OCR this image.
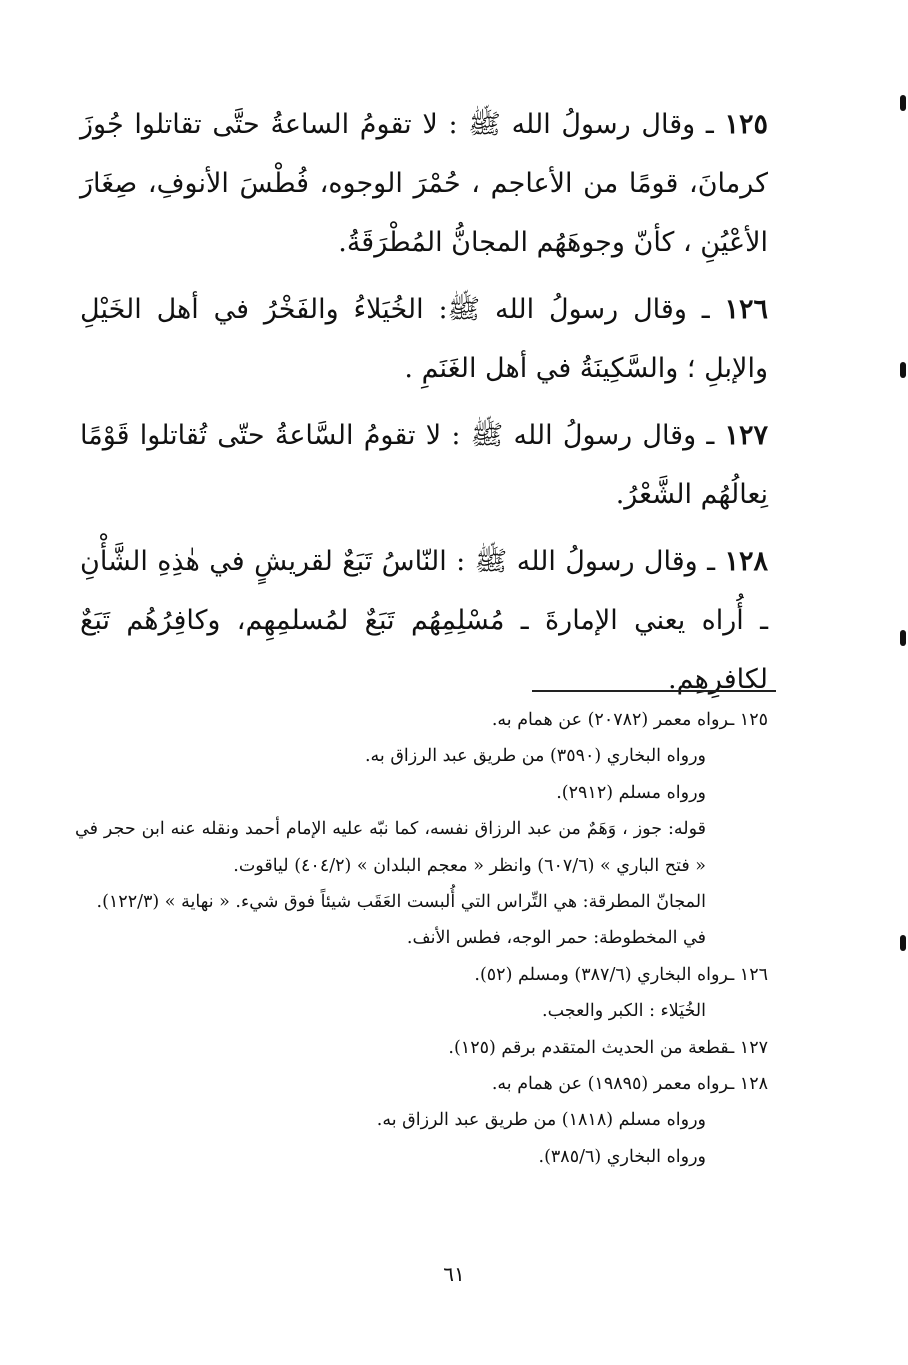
١٢٥ ـ وقال رسولُ الله ﷺ : لا تقومُ الساعةُ حتَّى تقاتلوا جُوزَ كرمانَ، قومًا من الأعاجم ، حُمْرَ الوجوه، فُطْسَ الأنوفِ، صِغَارَ الأعْيُنِ ، كأنّ وجوهَهُم المجانُّ المُطْرَقَةُ.

١٢٦ ـ وقال رسولُ الله ﷺ: الخُيَلاءُ والفَخْرُ في أهل الخَيْلِ والإبلِ ؛ والسَّكِينَةُ في أهل الغَنَمِ .

١٢٧ ـ وقال رسولُ الله ﷺ : لا تقومُ السَّاعةُ حتّى تُقاتلوا قَوْمًا نِعالُهُم الشَّعْرُ.

١٢٨ ـ وقال رسولُ الله ﷺ : النّاسُ تَبَعٌ لقريشٍ في هٰذِهِ الشَّأْنِ ـ أُراه يعني الإمارةَ ـ مُسْلِمِهُم تَبَعٌ لمُسلمِهِم، وكافِرُهُم تَبَعٌ لكافرِهِم.

١٢٥ ـرواه معمر (٢٠٧٨٢) عن همام به.
ورواه البخاري (٣٥٩٠) من طريق عبد الرزاق به.
ورواه مسلم (٢٩١٢).
قوله: جوز ، وَهَمٌ من عبد الرزاق نفسه، كما نبّه عليه الإمام أحمد ونقله عنه ابن حجر في « فتح الباري » (٦٠٧/٦) وانظر « معجم البلدان » (٤٠٤/٢) لياقوت.
المجانّ المطرقة: هي التِّراس التي أُلبست العَقَب شيئاً فوق شيء. « نهاية » (١٢٢/٣).
في المخطوطة: حمر الوجه، فطس الأنف.
١٢٦ ـرواه البخاري (٣٨٧/٦) ومسلم (٥٢).
الخُيَلاء : الكبر والعجب.
١٢٧ ـقطعة من الحديث المتقدم برقم (١٢٥).
١٢٨ ـرواه معمر (١٩٨٩٥) عن همام به.
ورواه مسلم (١٨١٨) من طريق عبد الرزاق به.
ورواه البخاري (٣٨٥/٦).
٦١
